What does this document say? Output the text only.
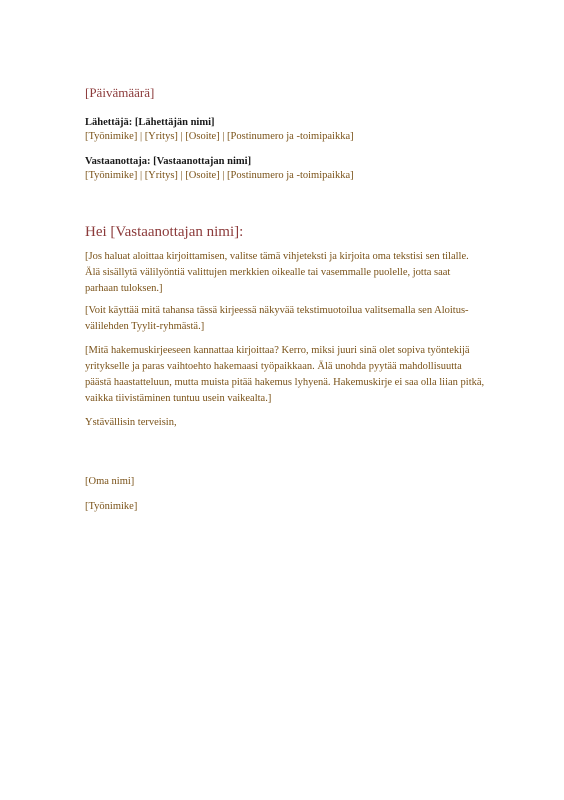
[Päivämäärä]
Lähettäjä: [Lähettäjän nimi]
[Työnimike] | [Yritys] | [Osoite] | [Postinumero ja -toimipaikka]
Vastaanottaja: [Vastaanottajan nimi]
[Työnimike] | [Yritys] | [Osoite] | [Postinumero ja -toimipaikka]
Hei [Vastaanottajan nimi]:
[Jos haluat aloittaa kirjoittamisen, valitse tämä vihjeteksti ja kirjoita oma tekstisi sen tilalle. Älä sisällytä välilyöntiä valittujen merkkien oikealle tai vasemmalle puolelle, jotta saat parhaan tuloksen.]
[Voit käyttää mitä tahansa tässä kirjeessä näkyvää tekstimuotoilua valitsemalla sen Aloitus-välilehden Tyylit-ryhmästä.]
[Mitä hakemuskirjeeseen kannattaa kirjoittaa? Kerro, miksi juuri sinä olet sopiva työntekijä yritykselle ja paras vaihtoehto hakemaasi työpaikkaan. Älä unohda pyytää mahdollisuutta päästä haastatteluun, mutta muista pitää hakemus lyhyenä. Hakemuskirje ei saa olla liian pitkä, vaikka tiivistäminen tuntuu usein vaikealta.]
Ystävällisin terveisin,
[Oma nimi]
[Työnimike]
